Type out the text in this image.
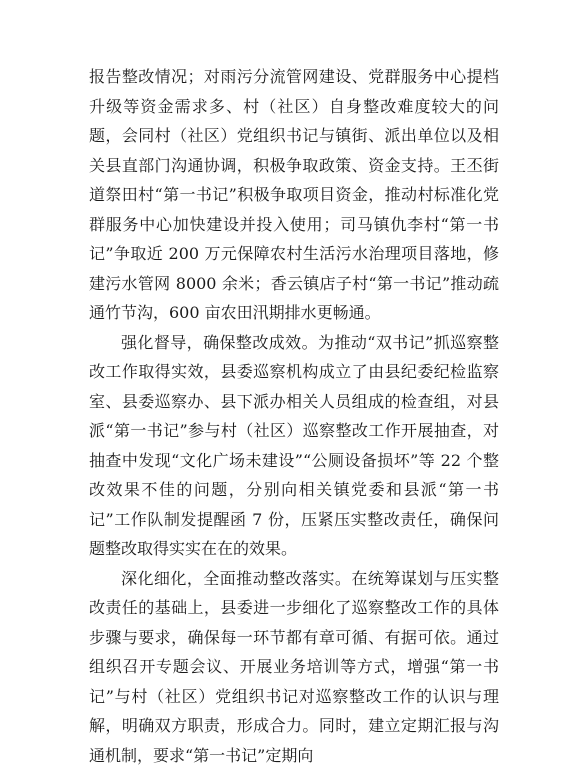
报告整改情况；对雨污分流管网建设、党群服务中心提档升级等资金需求多、村（社区）自身整改难度较大的问题，会同村（社区）党组织书记与镇街、派出单位以及相关县直部门沟通协调，积极争取政策、资金支持。王丕街道祭田村“第一书记”积极争取项目资金，推动村标准化党群服务中心加快建设并投入使用；司马镇仇李村“第一书记”争取近 200 万元保障农村生活污水治理项目落地，修建污水管网 8000 余米；香云镇店子村“第一书记”推动疏通竹节沟，600 亩农田汛期排水更畅通。

强化督导，确保整改成效。为推动“双书记”抓巡察整改工作取得实效，县委巡察机构成立了由县纪委纪检监察室、县委巡察办、县下派办相关人员组成的检查组，对县派“第一书记”参与村（社区）巡察整改工作开展抽查，对抽查中发现“文化广场未建设”“公厕设备损坏”等 22 个整改效果不佳的问题，分别向相关镇党委和县派“第一书记”工作队制发提醒函 7 份，压紧压实整改责任，确保问题整改取得实实在在的效果。

深化细化，全面推动整改落实。在统筹谋划与压实整改责任的基础上，县委进一步细化了巡察整改工作的具体步骤与要求，确保每一环节都有章可循、有据可依。通过组织召开专题会议、开展业务培训等方式，增强“第一书记”与村（社区）党组织书记对巡察整改工作的认识与理解，明确双方职责，形成合力。同时，建立定期汇报与沟通机制，要求“第一书记”定期向
